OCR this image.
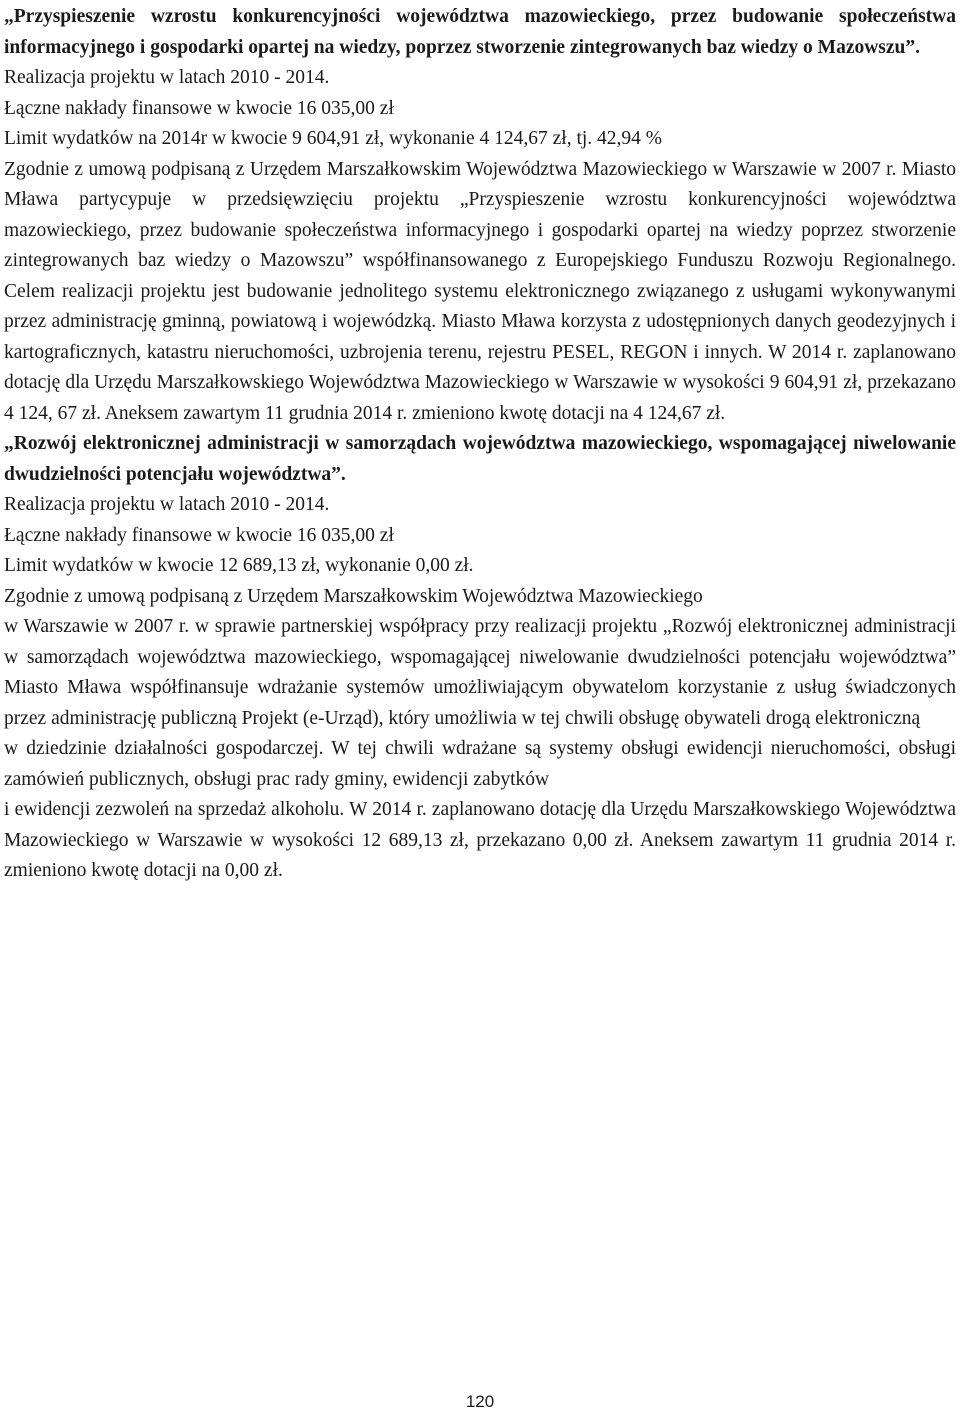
„Przyspieszenie wzrostu konkurencyjności województwa mazowieckiego, przez budowanie społeczeństwa informacyjnego i gospodarki opartej na wiedzy, poprzez stworzenie zintegrowanych baz wiedzy o Mazowszu”.

Realizacja projektu w latach 2010 - 2014.

Łączne nakłady finansowe w kwocie 16 035,00 zł

Limit wydatków na 2014r w kwocie 9 604,91 zł, wykonanie 4 124,67 zł, tj. 42,94 %

Zgodnie z umową podpisaną z Urzędem Marszałkowskim Województwa Mazowieckiego w Warszawie w 2007 r. Miasto Mława partycypuje w przedsięwzięciu projektu „Przyspieszenie wzrostu konkurencyjności województwa mazowieckiego, przez budowanie społeczeństwa informacyjnego i gospodarki opartej na wiedzy poprzez stworzenie zintegrowanych baz wiedzy o Mazowszu” współfinansowanego z Europejskiego Funduszu Rozwoju Regionalnego. Celem realizacji projektu jest budowanie jednolitego systemu elektronicznego związanego z usługami wykonywanymi przez administrację gminną, powiatową i wojewódzką. Miasto Mława korzysta z udostępnionych danych geodezyjnych i kartograficznych, katastru nieruchomości, uzbrojenia terenu, rejestru PESEL, REGON i innych. W 2014 r. zaplanowano dotację dla Urzędu Marszałkowskiego Województwa Mazowieckiego w Warszawie w wysokości 9 604,91 zł, przekazano 4 124, 67 zł. Aneksem zawartym 11 grudnia 2014 r. zmieniono kwotę dotacji na 4 124,67 zł.

„Rozwój elektronicznej administracji w samorządach województwa mazowieckiego, wspomagającej niwelowanie dwudzielności potencjału województwa”.

Realizacja projektu w latach 2010 - 2014.

Łączne nakłady finansowe w kwocie 16 035,00 zł

Limit wydatków w kwocie 12 689,13 zł, wykonanie 0,00 zł.

Zgodnie z umową podpisaną z Urzędem Marszałkowskim Województwa Mazowieckiego

w Warszawie w 2007 r. w sprawie partnerskiej współpracy przy realizacji projektu „Rozwój elektronicznej administracji w samorządach województwa mazowieckiego, wspomagającej niwelowanie dwudzielności potencjału województwa” Miasto Mława współfinansuje wdrażanie systemów umożliwiającym obywatelom korzystanie z usług świadczonych przez administrację publiczną Projekt (e-Urząd), który umożliwia w tej chwili obsługę obywateli drogą elektroniczną

w dziedzinie działalności gospodarczej. W tej chwili wdrażane są systemy obsługi ewidencji nieruchomości, obsługi zamówień publicznych, obsługi prac rady gminy, ewidencji zabytków

i ewidencji zezwoleń na sprzedaż alkoholu. W 2014 r. zaplanowano dotację dla Urzędu Marszałkowskiego Województwa Mazowieckiego w Warszawie w wysokości 12 689,13 zł, przekazano 0,00 zł. Aneksem zawartym 11 grudnia 2014 r. zmieniono kwotę dotacji na 0,00 zł.

120
